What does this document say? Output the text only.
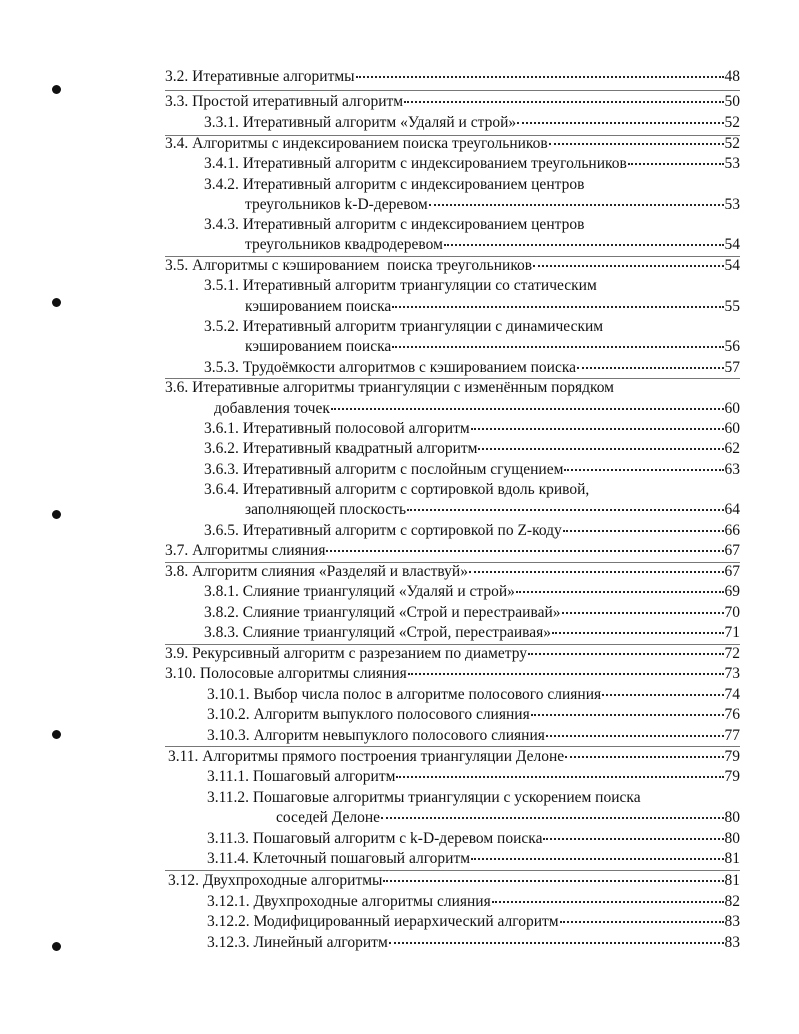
3.2. Итеративные алгоритмы	48
3.3. Простой итеративный алгоритм	50
3.3.1. Итеративный алгоритм «Удаляй и строй»	52
3.4. Алгоритмы с индексированием поиска треугольников	52
3.4.1. Итеративный алгоритм с индексированием треугольников	53
3.4.2. Итеративный алгоритм с индексированием центров
треугольников k-D-деревом	53
3.4.3. Итеративный алгоритм с индексированием центров
треугольников квадродеревом	54
3.5. Алгоритмы с кэшированием  поиска треугольников	54
3.5.1. Итеративный алгоритм триангуляции со статическим
кэшированием поиска	55
3.5.2. Итеративный алгоритм триангуляции с динамическим
кэшированием поиска	56
3.5.3. Трудоёмкости алгоритмов с кэшированием поиска	57
3.6. Итеративные алгоритмы триангуляции с изменённым порядком
добавления точек	60
3.6.1. Итеративный полосовой алгоритм	60
3.6.2. Итеративный квадратный алгоритм	62
3.6.3. Итеративный алгоритм с послойным сгущением	63
3.6.4. Итеративный алгоритм с сортировкой вдоль кривой,
заполняющей плоскость	64
3.6.5. Итеративный алгоритм с сортировкой по Z-коду	66
3.7. Алгоритмы слияния	67
3.8. Алгоритм слияния «Разделяй и властвуй»	67
3.8.1. Слияние триангуляций «Удаляй и строй»	69
3.8.2. Слияние триангуляций «Строй и перестраивай»	70
3.8.3. Слияние триангуляций «Строй, перестраивая»	71
3.9. Рекурсивный алгоритм с разрезанием по диаметру	72
3.10. Полосовые алгоритмы слияния	73
3.10.1. Выбор числа полос в алгоритме полосового слияния	74
3.10.2. Алгоритм выпуклого полосового слияния	76
3.10.3. Алгоритм невыпуклого полосового слияния	77
3.11. Алгоритмы прямого построения триангуляции Делоне	79
3.11.1. Пошаговый алгоритм	79
3.11.2. Пошаговые алгоритмы триангуляции с ускорением поиска
соседей Делоне	80
3.11.3. Пошаговый алгоритм с k-D-деревом поиска	80
3.11.4. Клеточный пошаговый алгоритм	81
3.12. Двухпроходные алгоритмы	81
3.12.1. Двухпроходные алгоритмы слияния	82
3.12.2. Модифицированный иерархический алгоритм	83
3.12.3. Линейный алгоритм	83
